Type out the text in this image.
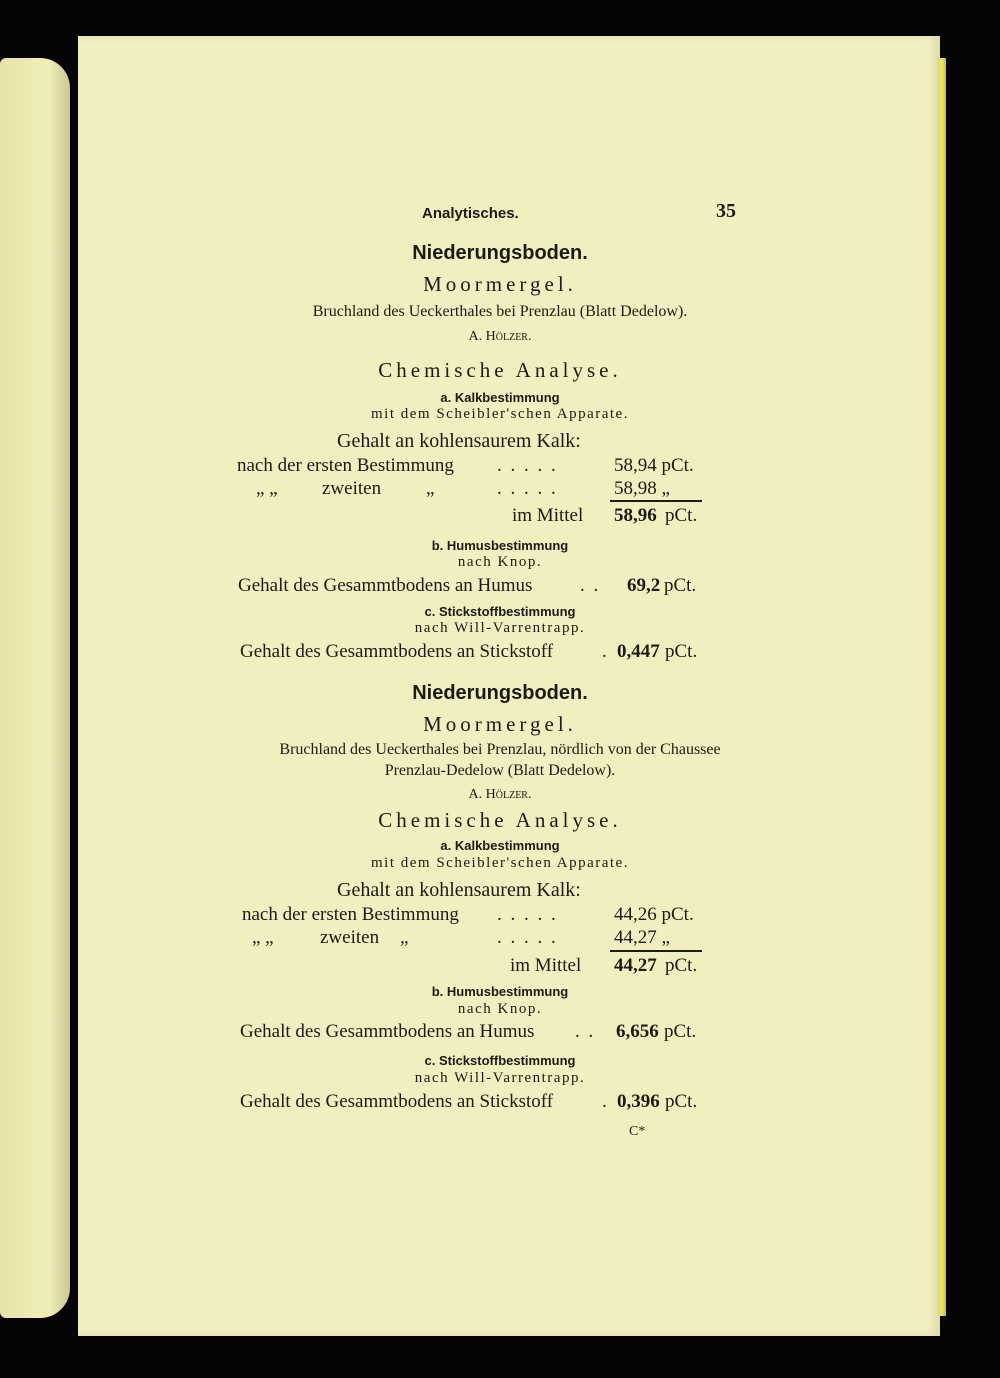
Analytisches.	35
Niederungsboden.
Moormergel.
Bruchland des Ueckerthales bei Prenzlau (Blatt Dedelow).
A. Hölzer.
Chemische Analyse.
a. Kalkbestimmung
mit dem Scheibler'schen Apparate.
Gehalt an kohlensaurem Kalk:
nach der ersten Bestimmung . . . . .	58,94 pCt.
„ „ zweiten „	. . . . .	58,98 „
im Mittel 58,96 pCt.
b. Humusbestimmung
nach Knop.
Gehalt des Gesammtbodens an Humus	. . 69,2 pCt.
c. Stickstoffbestimmung
nach Will-Varrentrapp.
Gehalt des Gesammtbodens an Stickstoff	. 0,447 pCt.
Niederungsboden.
Moormergel.
Bruchland des Ueckerthales bei Prenzlau, nördlich von der Chaussee
Prenzlau-Dedelow (Blatt Dedelow).
A. Hölzer.
Chemische Analyse.
a. Kalkbestimmung
mit dem Scheibler'schen Apparate.
Gehalt an kohlensaurem Kalk:
nach der ersten Bestimmung . . . . .	44,26 pCt.
„ „ zweiten „	. . . . .	44,27 „
im Mittel 44,27 pCt.
b. Humusbestimmung
nach Knop.
Gehalt des Gesammtbodens an Humus . . 6,656 pCt.
c. Stickstoffbestimmung
nach Will-Varrentrapp.
Gehalt des Gesammtbodens an Stickstoff	. 0,396 pCt.
C*
